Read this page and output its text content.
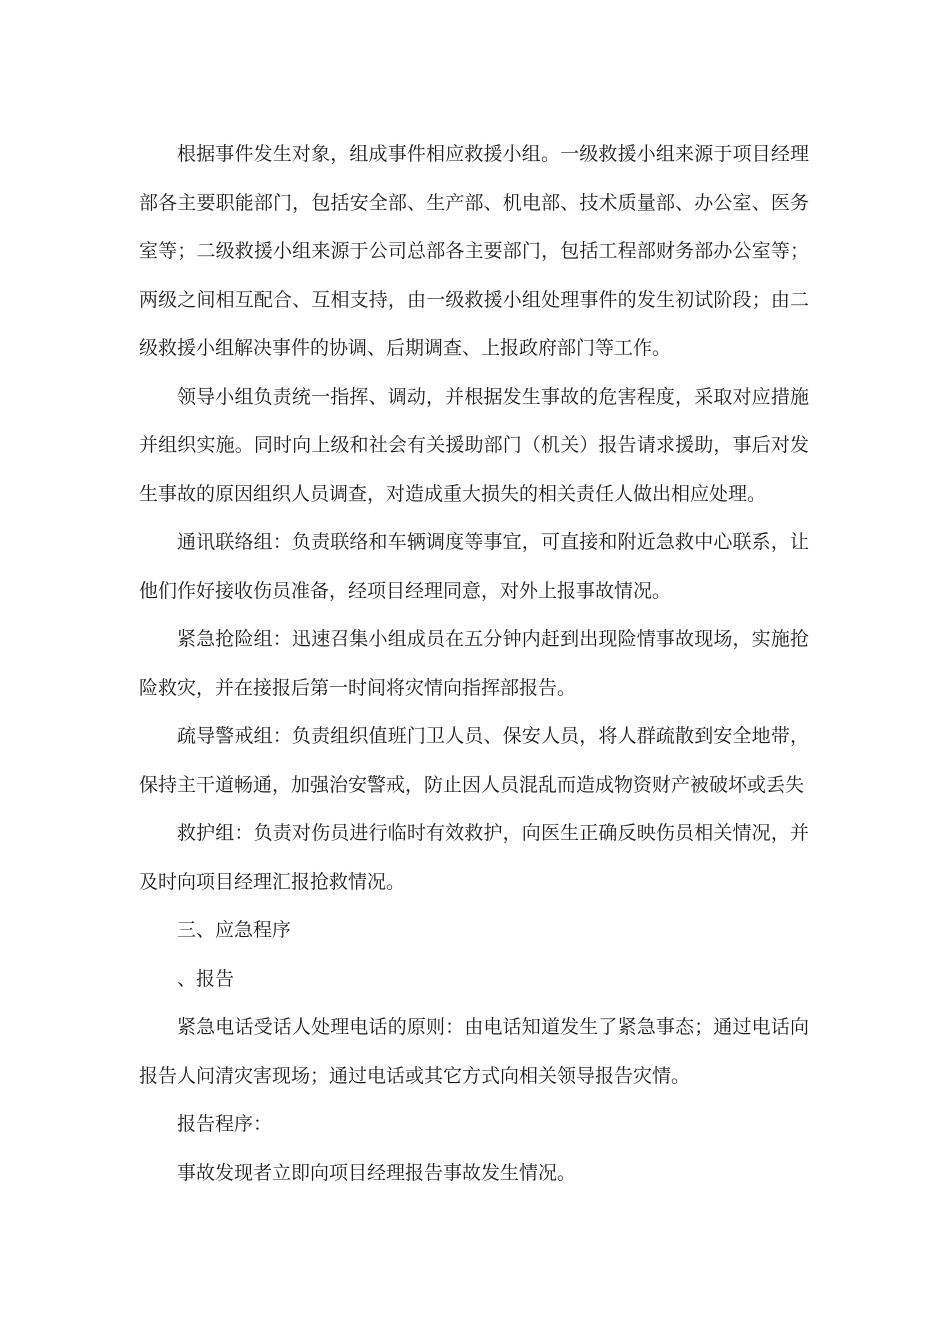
根据事件发生对象，组成事件相应救援小组。一级救援小组来源于项目经理部各主要职能部门，包括安全部、生产部、机电部、技术质量部、办公室、医务室等；二级救援小组来源于公司总部各主要部门，包括工程部财务部办公室等；两级之间相互配合、互相支持，由一级救援小组处理事件的发生初试阶段；由二级救援小组解决事件的协调、后期调查、上报政府部门等工作。

领导小组负责统一指挥、调动，并根据发生事故的危害程度，采取对应措施并组织实施。同时向上级和社会有关援助部门（机关）报告请求援助，事后对发生事故的原因组织人员调查，对造成重大损失的相关责任人做出相应处理。

通讯联络组：负责联络和车辆调度等事宜，可直接和附近急救中心联系，让他们作好接收伤员准备，经项目经理同意，对外上报事故情况。

紧急抢险组：迅速召集小组成员在五分钟内赶到出现险情事故现场，实施抢险救灾，并在接报后第一时间将灾情向指挥部报告。

疏导警戒组：负责组织值班门卫人员、保安人员，将人群疏散到安全地带，保持主干道畅通，加强治安警戒，防止因人员混乱而造成物资财产被破坏或丢失

救护组：负责对伤员进行临时有效救护，向医生正确反映伤员相关情况，并及时向项目经理汇报抢救情况。

三、应急程序

、报告

紧急电话受话人处理电话的原则：由电话知道发生了紧急事态；通过电话向报告人问清灾害现场；通过电话或其它方式向相关领导报告灾情。

报告程序：

事故发现者立即向项目经理报告事故发生情况。
